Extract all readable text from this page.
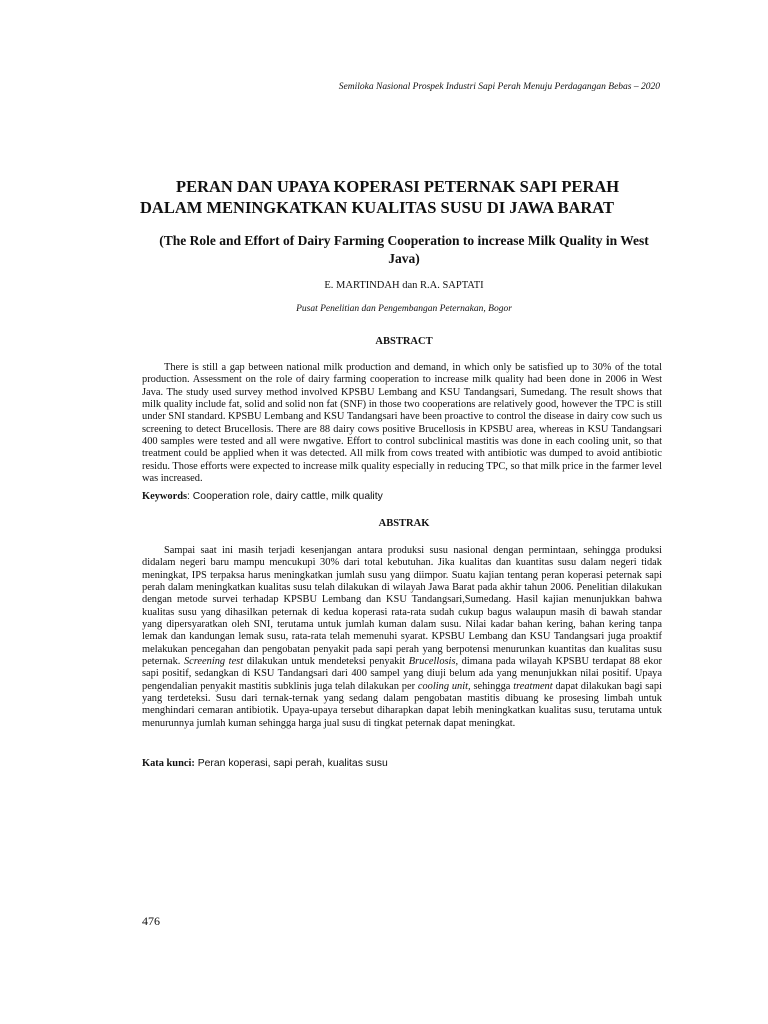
Semiloka Nasional Prospek Industri Sapi Perah Menuju Perdagangan Bebas – 2020
PERAN DAN UPAYA KOPERASI PETERNAK SAPI PERAH
DALAM MENINGKATKAN KUALITAS SUSU DI JAWA BARAT
(The Role and Effort of Dairy Farming Cooperation to increase Milk Quality in West Java)
E. MARTINDAH dan R.A. SAPTATI
Pusat Penelitian dan Pengembangan Peternakan, Bogor
ABSTRACT

There is still a gap between national milk production and demand, in which only be satisfied up to 30% of the total production. Assessment on the role of dairy farming cooperation to increase milk quality had been done in 2006 in West Java. The study used survey method involved KPSBU Lembang and KSU Tandangsari, Sumedang. The result shows that milk quality include fat, solid and solid non fat (SNF) in those two cooperations are relatively good, however the TPC is still under SNI standard. KPSBU Lembang and KSU Tandangsari have been proactive to control the disease in dairy cow such us screening to detect Brucellosis. There are 88 dairy cows positive Brucellosis in KPSBU area, whereas in KSU Tandangsari 400 samples were tested and all were nwgative. Effort to control subclinical mastitis was done in each cooling unit, so that treatment could be applied when it was detected. All milk from cows treated with antibiotic was dumped to avoid antibiotic residu. Those efforts were expected to increase milk quality especially in reducing TPC, so that milk price in the farmer level was increased.

Keywords: Cooperation role, dairy cattle, milk quality
ABSTRAK

Sampai saat ini masih terjadi kesenjangan antara produksi susu nasional dengan permintaan, sehingga produksi didalam negeri baru mampu mencukupi 30% dari total kebutuhan. Jika kualitas dan kuantitas susu dalam negeri tidak meningkat, IPS terpaksa harus meningkatkan jumlah susu yang diimpor. Suatu kajian tentang peran koperasi peternak sapi perah dalam meningkatkan kualitas susu telah dilakukan di wilayah Jawa Barat pada akhir tahun 2006. Penelitian dilakukan dengan metode survei terhadap KPSBU Lembang dan KSU Tandangsari,Sumedang. Hasil kajian menunjukkan bahwa kualitas susu yang dihasilkan peternak di kedua koperasi rata-rata sudah cukup bagus walaupun masih di bawah standar yang dipersyaratkan oleh SNI, terutama untuk jumlah kuman dalam susu. Nilai kadar bahan kering, bahan kering tanpa lemak dan kandungan lemak susu, rata-rata telah memenuhi syarat. KPSBU Lembang dan KSU Tandangsari juga proaktif melakukan pencegahan dan pengobatan penyakit pada sapi perah yang berpotensi menurunkan kuantitas dan kualitas susu peternak. Screening test dilakukan untuk mendeteksi penyakit Brucellosis, dimana pada wilayah KPSBU terdapat 88 ekor sapi positif, sedangkan di KSU Tandangsari dari 400 sampel yang diuji belum ada yang menunjukkan nilai positif. Upaya pengendalian penyakit mastitis subklinis juga telah dilakukan per cooling unit, sehingga treatment dapat dilakukan bagi sapi yang terdeteksi. Susu dari ternak-ternak yang sedang dalam pengobatan mastitis dibuang ke prosesing limbah untuk menghindari cemaran antibiotik. Upaya-upaya tersebut diharapkan dapat lebih meningkatkan kualitas susu, terutama untuk menurunnya jumlah kuman sehingga harga jual susu di tingkat peternak dapat meningkat.

Kata kunci: Peran koperasi, sapi perah, kualitas susu
476
